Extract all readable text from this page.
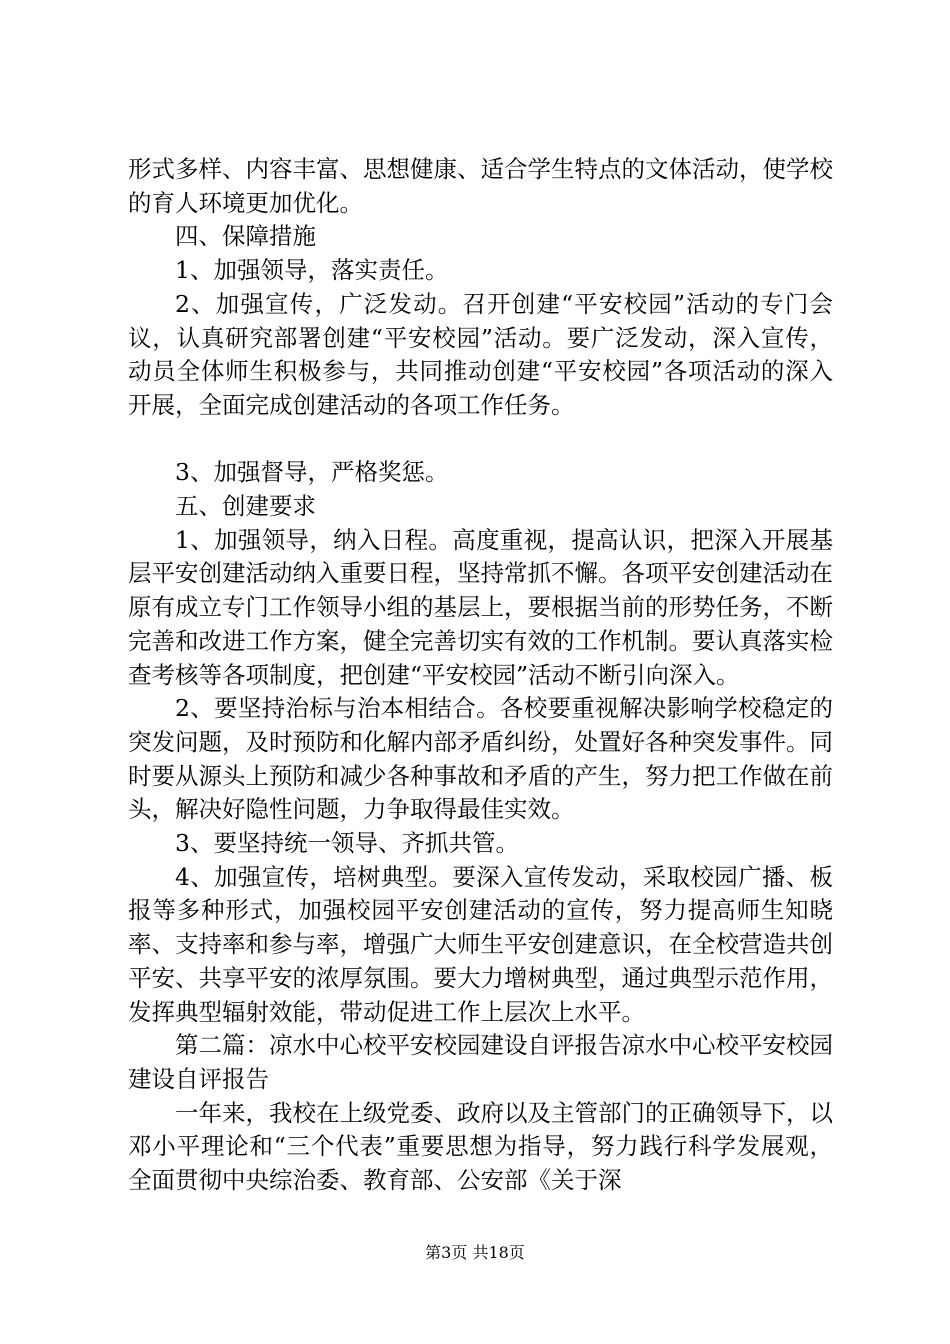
形式多样、内容丰富、思想健康、适合学生特点的文体活动，使学校的育人环境更加优化。

四、保障措施

1、加强领导，落实责任。

2、加强宣传，广泛发动。召开创建“平安校园”活动的专门会议，认真研究部署创建“平安校园”活动。要广泛发动，深入宣传，动员全体师生积极参与，共同推动创建“平安校园”各项活动的深入开展，全面完成创建活动的各项工作任务。

3、加强督导，严格奖惩。

五、创建要求

1、加强领导，纳入日程。高度重视，提高认识，把深入开展基层平安创建活动纳入重要日程，坚持常抓不懈。各项平安创建活动在原有成立专门工作领导小组的基层上，要根据当前的形势任务，不断完善和改进工作方案，健全完善切实有效的工作机制。要认真落实检查考核等各项制度，把创建“平安校园”活动不断引向深入。

2、要坚持治标与治本相结合。各校要重视解决影响学校稳定的突发问题，及时预防和化解内部矛盾纠纷，处置好各种突发事件。同时要从源头上预防和减少各种事故和矛盾的产生，努力把工作做在前头，解决好隐性问题，力争取得最佳实效。

3、要坚持统一领导、齐抓共管。

4、加强宣传，培树典型。要深入宣传发动，采取校园广播、板报等多种形式，加强校园平安创建活动的宣传，努力提高师生知晓率、支持率和参与率，增强广大师生平安创建意识，在全校营造共创平安、共享平安的浓厚氛围。要大力增树典型，通过典型示范作用，发挥典型辐射效能，带动促进工作上层次上水平。

第二篇：凉水中心校平安校园建设自评报告凉水中心校平安校园建设自评报告

一年来，我校在上级党委、政府以及主管部门的正确领导下，以邓小平理论和“三个代表”重要思想为指导，努力践行科学发展观，全面贯彻中央综治委、教育部、公安部《关于深

第3页 共18页
